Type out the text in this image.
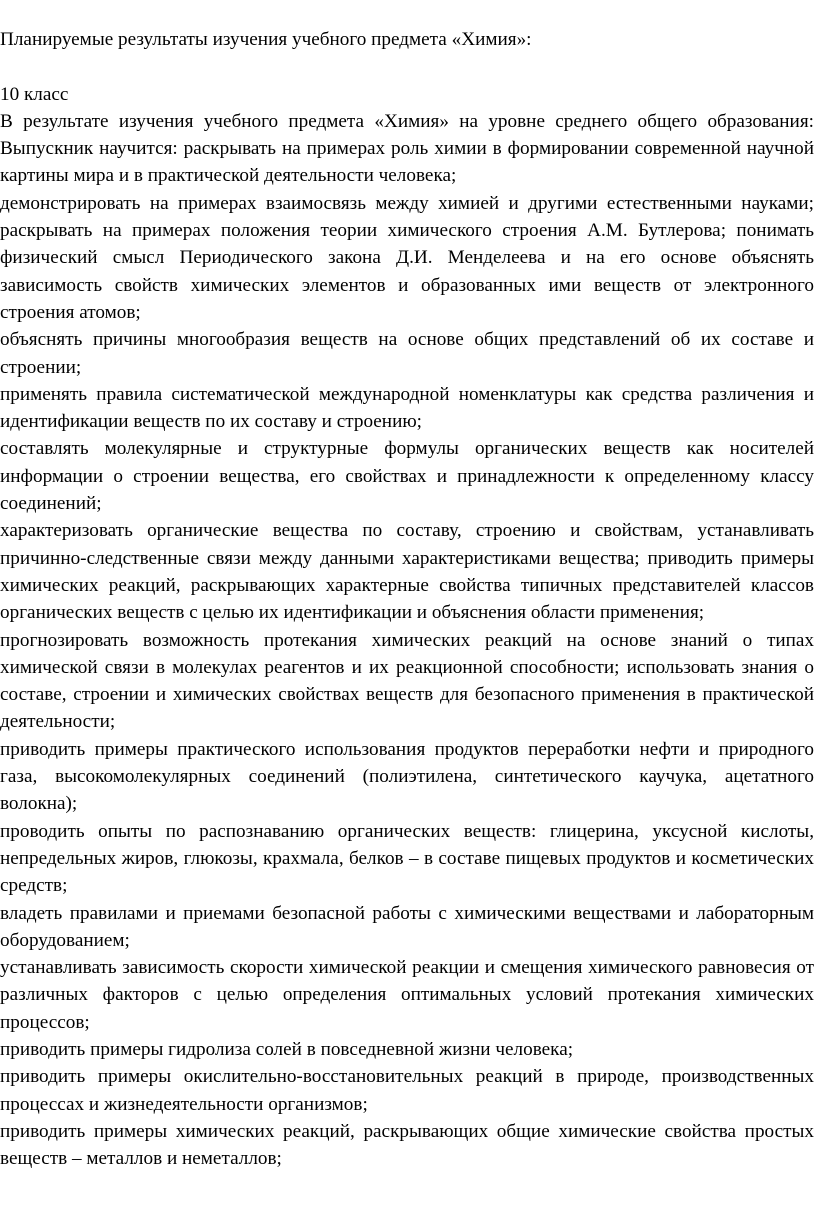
Планируемые результаты изучения учебного предмета «Химия»:

10 класс

В результате изучения учебного предмета «Химия» на уровне среднего общего образования: Выпускник научится: раскрывать на примерах роль химии в формировании современной научной картины мира и в практической деятельности человека;

демонстрировать на примерах взаимосвязь между химией и другими естественными науками; раскрывать на примерах положения теории химического строения А.М. Бутлерова; понимать физический смысл Периодического закона Д.И. Менделеева и на его основе объяснять зависимость свойств химических элементов и образованных ими веществ от электронного строения атомов;

объяснять причины многообразия веществ на основе общих представлений об их составе и строении;

применять правила систематической международной номенклатуры как средства различения и идентификации веществ по их составу и строению;

составлять молекулярные и структурные формулы органических веществ как носителей информации о строении вещества, его свойствах и принадлежности к определенному классу соединений;

характеризовать органические вещества по составу, строению и свойствам, устанавливать причинно-следственные связи между данными характеристиками вещества; приводить примеры химических реакций, раскрывающих характерные свойства типичных представителей классов органических веществ с целью их идентификации и объяснения области применения;

прогнозировать возможность протекания химических реакций на основе знаний о типах химической связи в молекулах реагентов и их реакционной способности; использовать знания о составе, строении и химических свойствах веществ для безопасного применения в практической деятельности;

приводить примеры практического использования продуктов переработки нефти и природного газа, высокомолекулярных соединений (полиэтилена, синтетического каучука, ацетатного волокна);

проводить опыты по распознаванию органических веществ: глицерина, уксусной кислоты, непредельных жиров, глюкозы, крахмала, белков – в составе пищевых продуктов и косметических средств;

владеть правилами и приемами безопасной работы с химическими веществами и лабораторным оборудованием;

устанавливать зависимость скорости химической реакции и смещения химического равновесия от различных факторов с целью определения оптимальных условий протекания химических процессов;

приводить примеры гидролиза солей в повседневной жизни человека;

приводить примеры окислительно-восстановительных реакций в природе, производственных процессах и жизнедеятельности организмов;

приводить примеры химических реакций, раскрывающих общие химические свойства простых веществ – металлов и неметаллов;
